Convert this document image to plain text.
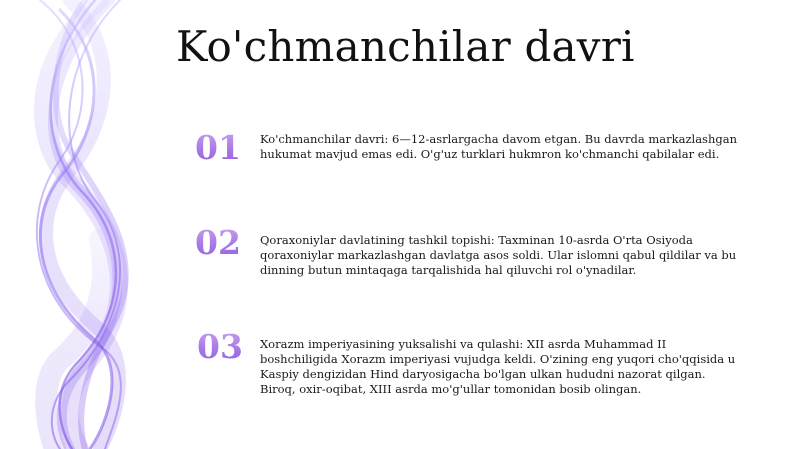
Ko'chmanchilar davri
01 Ko'chmanchilar davri: 6—12-asrlargacha davom etgan. Bu davrda markazlashgan hukumat mavjud emas edi. O'g'uz turklari hukmron ko'chmanchi qabilalar edi.
02 Qoraxoniylar davlatining tashkil topishi: Taxminan 10-asrda O'rta Osiyoda qoraxoniylar markazlashgan davlatga asos soldi. Ular islomni qabul qildilar va bu dinning butun mintaqaga tarqalishida hal qiluvchi rol o'ynadilar.
03 Xorazm imperiyasining yuksalishi va qulashi: XII asrda Muhammad II boshchiligida Xorazm imperiyasi vujudga keldi. O'zining eng yuqori cho'qqisida u Kaspiy dengizidan Hind daryosigacha bo'lgan ulkan hududni nazorat qilgan. Biroq, oxir-oqibat, XIII asrda mo'g'ullar tomonidan bosib olingan.
